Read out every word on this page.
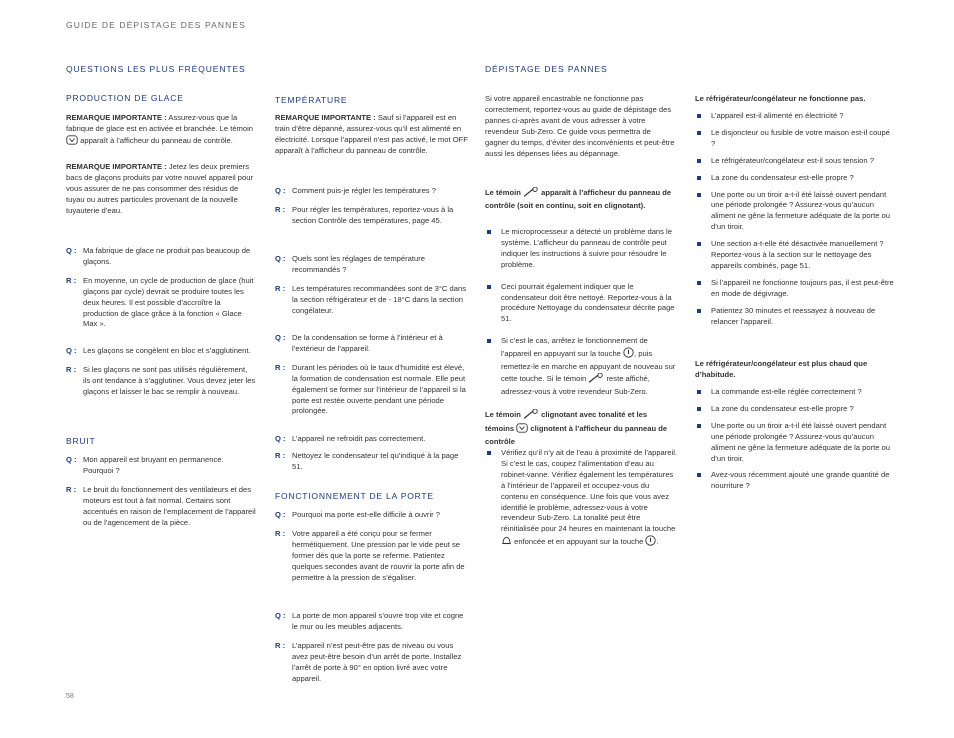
GUIDE DE DÉPISTAGE DES PANNES
QUESTIONS LES PLUS FRÉQUENTES	DÉPISTAGE DES PANNES
PRODUCTION DE GLACE

REMARQUE IMPORTANTE : Assurez-vous que la fabrique de glace est en activée et branchée. Le témoin  apparaît à l’afficheur du panneau de contrôle.

REMARQUE IMPORTANTE : Jetez les deux premiers bacs de glaçons produits par votre nouvel appareil pour vous assurer de ne pas consommer des résidus de tuyau ou autres particules provenant de la nouvelle tuyauterie d’eau.

Q : Ma fabrique de glace ne produit pas beaucoup de glaçons.
R : En moyenne, un cycle de production de glace (huit glaçons par cycle) devrait se produire toutes les deux heures. Il est possible d’accroître la production de glace grâce à la fonction « Glace Max ».
Q : Les glaçons se congèlent en bloc et s’agglutinent.
R : Si les glaçons ne sont pas utilisés régulièrement, ils ont tendance à s’agglutiner. Vous devez jeter les glaçons et laisser le bac se remplir à nouveau.
BRUIT
Q : Mon appareil est bruyant en permanence. Pourquoi ?
R : Le bruit du fonctionnement des ventilateurs et des moteurs est tout à fait normal. Certains sont accentués en raison de l’emplacement de l’appareil ou de l’agencement de la pièce.
TEMPÉRATURE

REMARQUE IMPORTANTE : Sauf si l’appareil est en train d’être dépanné, assurez-vous qu’il est alimenté en électricité. Lorsque l’appareil n’est pas activé, le mot OFF apparaît à l’afficheur du panneau de contrôle.

Q : Comment puis-je régler les températures ?
R : Pour régler les températures, reportez-vous à la section Contrôle des températures, page 45.
Q : Quels sont les réglages de température recommandés ?
R : Les températures recommandées sont de 3°C dans la section réfrigérateur et de - 18°C dans la section congélateur.
Q : De la condensation se forme à l’intérieur et à l’extérieur de l’appareil.
R : Durant les périodes où le taux d’humidité est élevé, la formation de condensation est normale. Elle peut également se former sur l’intérieur de l’appareil si la porte est restée ouverte pendant une période prolongée.
Q : L’appareil ne refroidit pas correctement.
R : Nettoyez le condensateur tel qu’indiqué à la page 51.
FONCTIONNEMENT DE LA PORTE
Q : Pourquoi ma porte est-elle difficile à ouvrir ?
R : Votre appareil a été conçu pour se fermer hermétiquement. Une pression par le vide peut se former dès que la porte se referme. Patientez quelques secondes avant de rouvrir la porte afin de permettre à la pression de s’égaliser.
Q : La porte de mon appareil s’ouvre trop vite et cogne le mur ou les meubles adjacents.
R : L’appareil n’est peut-être pas de niveau ou vous avez peut-être besoin d’un arrêt de porte. Installez l’arrêt de porte à 90° en option livré avec votre appareil.

Si votre appareil encastrable ne fonctionne pas correctement, reportez-vous au guide de dépistage des pannes ci-après avant de vous adresser à votre revendeur Sub-Zero. Ce guide vous permettra de gagner du temps, d’éviter des inconvénients et peut-être aussi les dépenses liées au dépannage.

Le témoin	apparaît à l’afficheur du panneau de contrôle (soit en continu, soit en clignotant).
Le microprocesseur a détecté un problème dans le système. L’afficheur du panneau de contrôle peut indiquer les instructions à suivre pour résoudre le problème.
Ceci pourrait également indiquer que le condensateur doit être nettoyé. Reportez-vous à la procédure Nettoyage du condensateur décrite page 51.
Si c’est le cas, arrêtez le fonctionnement de l’appareil en appuyant sur la touche , puis remettez-le en marche en appuyant de nouveau sur cette touche. Si le témoin	reste affiché, adressez-vous à votre revendeur Sub-Zero.
Le témoin	clignotant avec tonalité et les témoins clignotent à l’afficheur du panneau de contrôle
Vérifiez qu’il n’y ait de l’eau à proximité de l’appareil. Si c’est le cas, coupez l’alimentation d’eau au robinet-vanne. Vérifiez également les températures à l’intérieur de l’appareil et occupez-vous du contenu en conséquence. Une fois que vous avez identifié le problème, adressez-vous à votre revendeur Sub-Zero. La tonalité peut être réinitialisée pour 24 heures en maintenant la touche  enfoncée et en appuyant sur la touche .
Le réfrigérateur/congélateur ne fonctionne pas.
L’appareil est-il alimenté en électricité ?
Le disjoncteur ou fusible de votre maison est-il coupé ?
Le réfrigérateur/congélateur est-il sous tension ?
La zone du condensateur est-elle propre ?
Une porte ou un tiroir a-t-il été laissé ouvert pendant une période prolongée ? Assurez-vous qu’aucun aliment ne gêne la fermeture adéquate de la porte ou d’un tiroir.
Une section a-t-elle été désactivée manuellement ? Reportez-vous à la section sur le nettoyage des appareils combinés, page 51.
Si l’appareil ne fonctionne toujours pas, il est peut-être en mode de dégivrage.
Patientez 30 minutes et reessayez à nouveau de relancer l’appareil.
Le réfrigérateur/congélateur est plus chaud que d’habitude.
La commande est-elle réglée correctement ?
La zone du condensateur est-elle propre ?
Une porte ou un tiroir a-t-il été laissé ouvert pendant une période prolongée ? Assurez-vous qu’aucun aliment ne gêne la fermeture adéquate de la porte ou d’un tiroir.
Avez-vous récemment ajouté une grande quantité de nourriture ?
58
